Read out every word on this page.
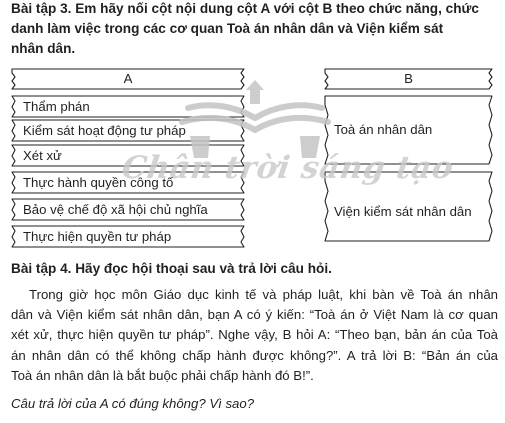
Bài tập 3. Em hãy nối cột nội dung cột A với cột B theo chức năng, chức
danh làm việc trong các cơ quan Toà án nhân dân và Viện kiểm sát
nhân dân.
Chân trời sáng tạo
A	B
Thẩm phán
Kiểm sát hoạt động tư pháp
Xét xử
Thực hành quyền công tố
Bảo vệ chế độ xã hội chủ nghĩa
Thực hiện quyền tư pháp
Toà án nhân dân
Viện kiểm sát nhân dân
Bài tập 4. Hãy đọc hội thoại sau và trả lời câu hỏi.
Trong giờ học môn Giáo dục kinh tế và pháp luật, khi bàn về Toà án nhân
dân và Viện kiểm sát nhân dân, bạn A có ý kiến: “Toà án ở Việt Nam là cơ quan
xét xử, thực hiện quyền tư pháp”. Nghe vậy, B hỏi A: “Theo bạn, bản án của Toà
án nhân dân có thể không chấp hành được không?”. A trả lời B: “Bản án của
Toà án nhân dân là bắt buộc phải chấp hành đó B!”.
Câu trả lời của A có đúng không? Vì sao?
